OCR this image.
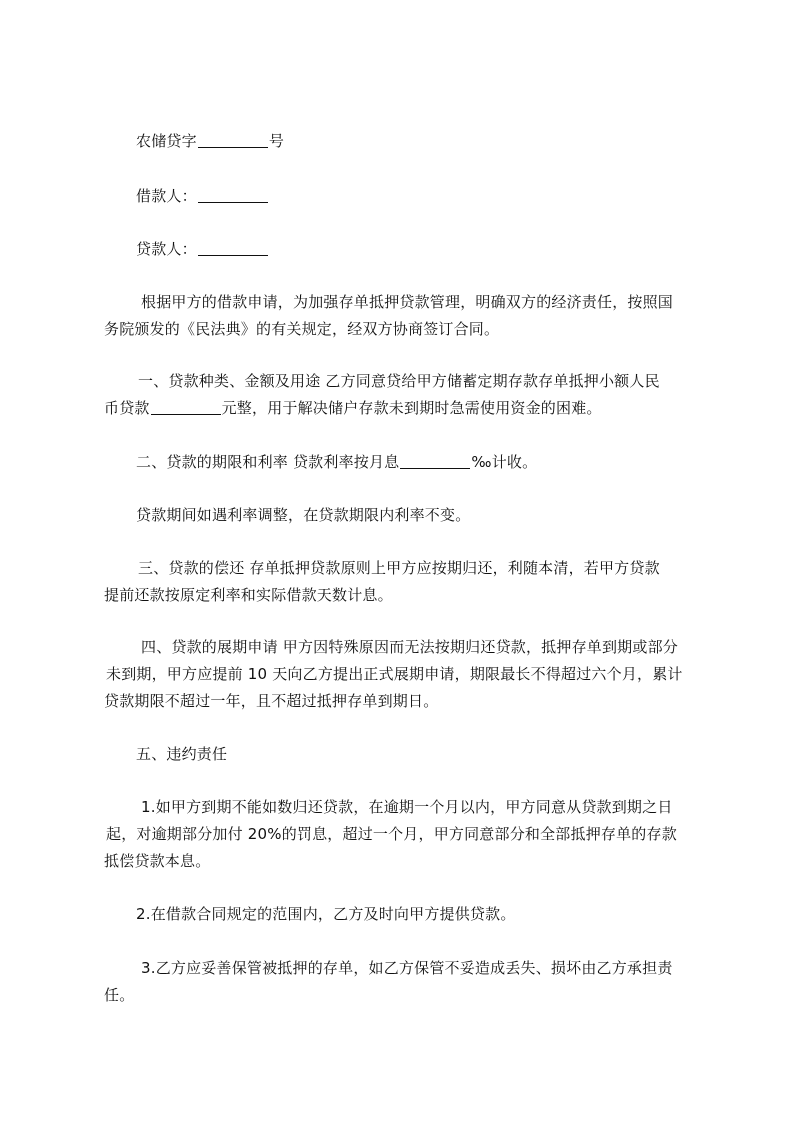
农储贷字	号
借款人：
贷款人：
根据甲方的借款申请，为加强存单抵押贷款管理，明确双方的经济责任，按照国
务院颁发的《民法典》的有关规定，经双方协商签订合同。
一、贷款种类、金额及用途 乙方同意贷给甲方储蓄定期存款存单抵押小额人民
币贷款	元整，用于解决储户存款未到期时急需使用资金的困难。
二、贷款的期限和利率 贷款利率按月息	‰计收。
贷款期间如遇利率调整，在贷款期限内利率不变。
三、贷款的偿还 存单抵押贷款原则上甲方应按期归还，利随本清，若甲方贷款
提前还款按原定利率和实际借款天数计息。
四、贷款的展期申请 甲方因特殊原因而无法按期归还贷款，抵押存单到期或部分
未到期，甲方应提前 10 天向乙方提出正式展期申请，期限最长不得超过六个月，累计
贷款期限不超过一年，且不超过抵押存单到期日。
五、违约责任
1.如甲方到期不能如数归还贷款，在逾期一个月以内，甲方同意从贷款到期之日
起，对逾期部分加付 20%的罚息，超过一个月，甲方同意部分和全部抵押存单的存款
抵偿贷款本息。
2.在借款合同规定的范围内，乙方及时向甲方提供贷款。
3.乙方应妥善保管被抵押的存单，如乙方保管不妥造成丢失、损坏由乙方承担责
任。
